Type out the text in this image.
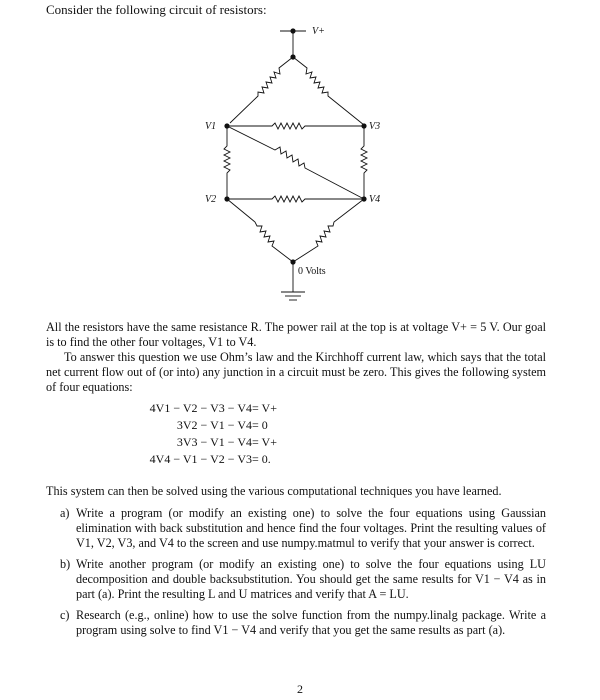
Consider the following circuit of resistors:
V+
V1	V3
V2	V4
0 Volts

All the resistors have the same resistance R. The power rail at the top is at voltage V+ = 5 V. Our goal is to find the other four voltages, V1 to V4.

To answer this question we use Ohm’s law and the Kirchhoff current law, which says that the total net current flow out of (or into) any junction in a circuit must be zero. This gives the following system of four equations:

4V1 − V2 − V3 − V4 = V+
3V2 − V1 − V4 = 0
3V3 − V1 − V4 = V+
4V4 − V1 − V2 − V3 = 0.

This system can then be solved using the various computational techniques you have learned.

a) Write a program (or modify an existing one) to solve the four equations using Gaussian elimination with back substitution and hence find the four voltages. Print the resulting values of V1, V2, V3, and V4 to the screen and use numpy.matmul to verify that your answer is correct.
b) Write another program (or modify an existing one) to solve the four equations using LU decomposition and double backsubstitution. You should get the same results for V1 − V4 as in part (a). Print the resulting L and U matrices and verify that A = LU.
c) Research (e.g., online) how to use the solve function from the numpy.linalg package. Write a program using solve to find V1 − V4 and verify that you get the same results as part (a).
2
